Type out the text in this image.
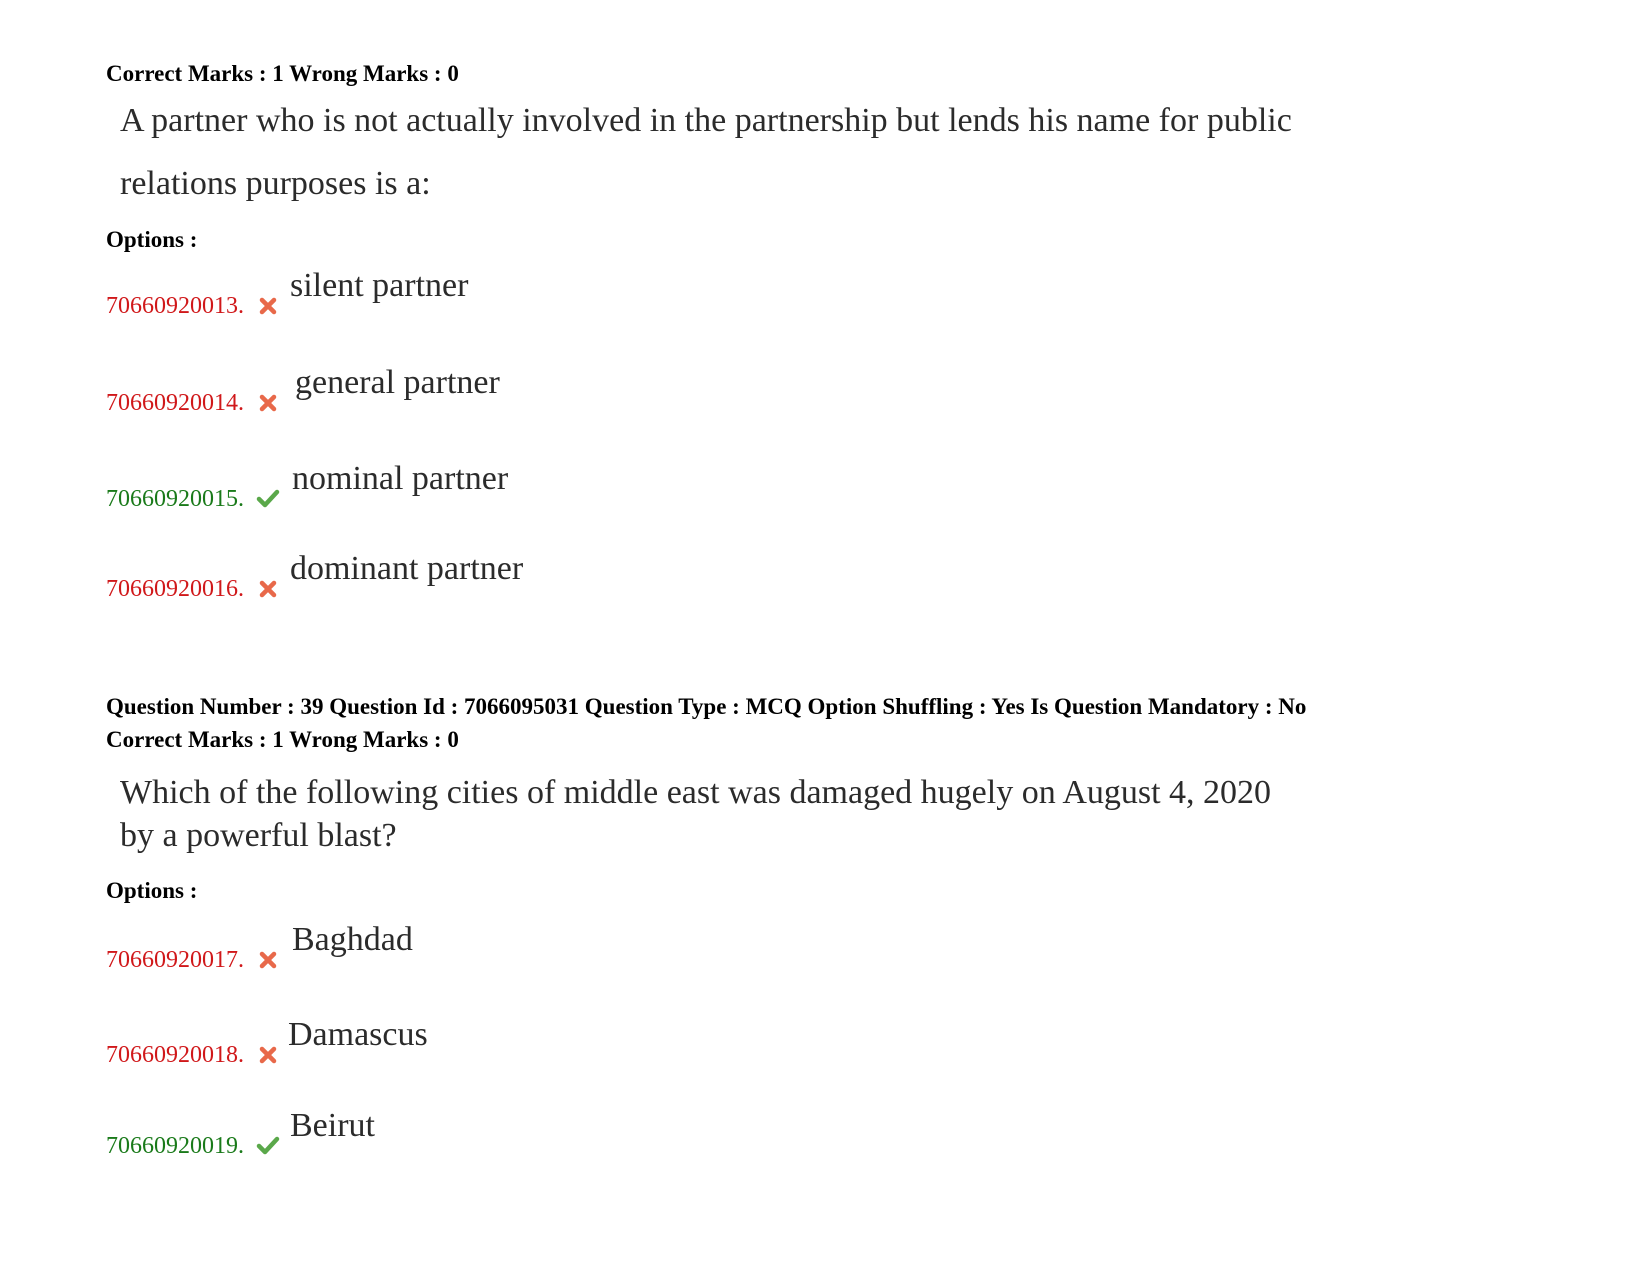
Correct Marks : 1 Wrong Marks : 0
A partner who is not actually involved in the partnership but lends his name for public
relations purposes is a:
Options :
70660920013.
silent partner
70660920014.
general partner
70660920015.
nominal partner
70660920016.
dominant partner
Question Number : 39 Question Id : 7066095031 Question Type : MCQ Option Shuffling : Yes Is Question Mandatory : No
Correct Marks : 1 Wrong Marks : 0
Which of the following cities of middle east was damaged hugely on August 4, 2020
by a powerful blast?
Options :
70660920017.
Baghdad
70660920018.
Damascus
70660920019.
Beirut
